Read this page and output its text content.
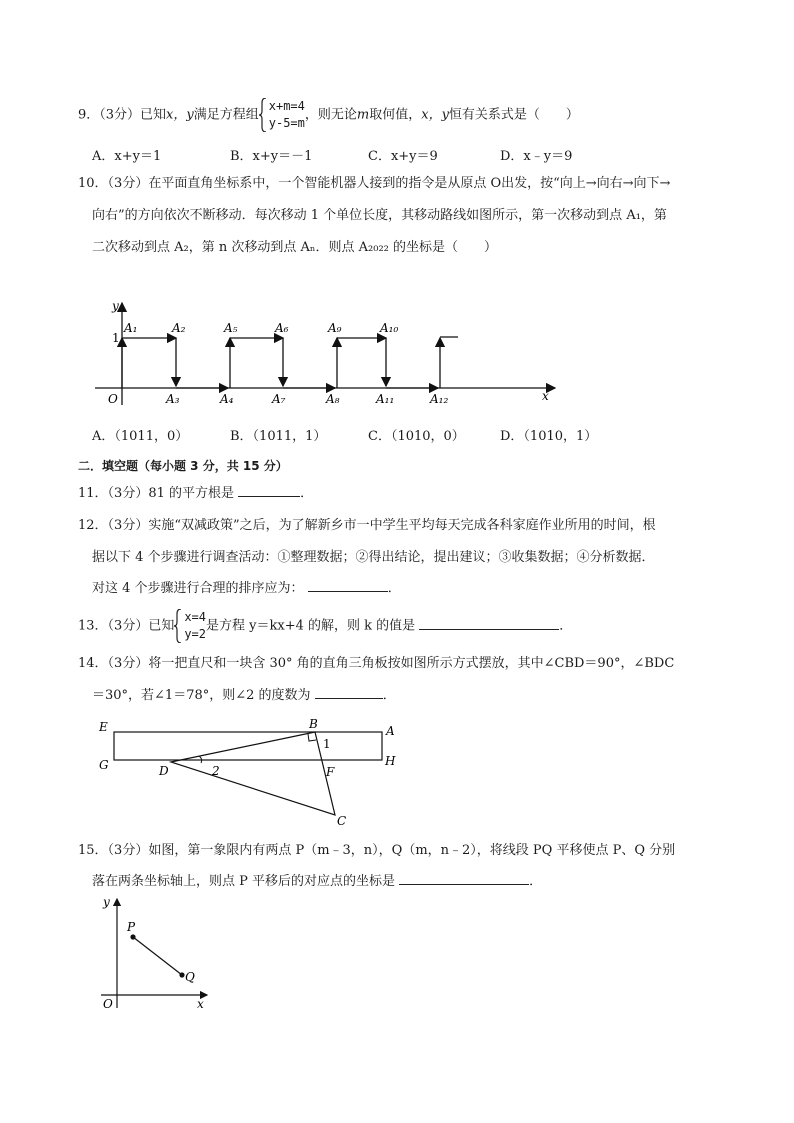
9．（3分）已知x，y满足方程组
x+m=4
y-5=m
，则无论m取何值，x，y恒有关系式是（　　）
A．x+y＝1	B．x+y＝－1	C．x+y＝9	D．x﹣y＝9
10．（3分）在平面直角坐标系中，一个智能机器人接到的指令是从原点 O出发，按“向上→向右→向下→
向右”的方向依次不断移动．每次移动 1 个单位长度，其移动路线如图所示，第一次移动到点 A₁，第
二次移动到点 A₂，第 n 次移动到点 Aₙ．则点 A₂₀₂₂ 的坐标是（　　）
y
x
O
1
A₁	A₂	A₅	A₆	A₉	A₁₀
A₃	A₄	A₇	A₈	A₁₁	A₁₂
A．（1011，0）	B．（1011，1）	C．（1010，0）	D．（1010，1）
二．填空题（每小题 3 分，共 15 分）
11．（3分）81 的平方根是	．
12．（3分）实施“双减政策”之后，为了解新乡市一中学生平均每天完成各科家庭作业所用的时间，根
据以下 4 个步骤进行调查活动：①整理数据；②得出结论，提出建议；③收集数据；④分析数据．
对这 4 个步骤进行合理的排序应为：	．
13．（3分）已知
x=4
y=2
是方程 y＝kx+4 的解，则 k 的值是	．
14．（3分）将一把直尺和一块含 30° 角的直角三角板按如图所示方式摆放，其中∠CBD＝90°，∠BDC
＝30°，若∠1＝78°，则∠2 的度数为	．
E	A
G	H
B
D	F
C
1
2
15．（3分）如图，第一象限内有两点 P（m﹣3，n），Q（m，n﹣2），将线段 PQ 平移使点 P、Q 分别
落在两条坐标轴上，则点 P 平移后的对应点的坐标是	．
y
x
O
P
Q
